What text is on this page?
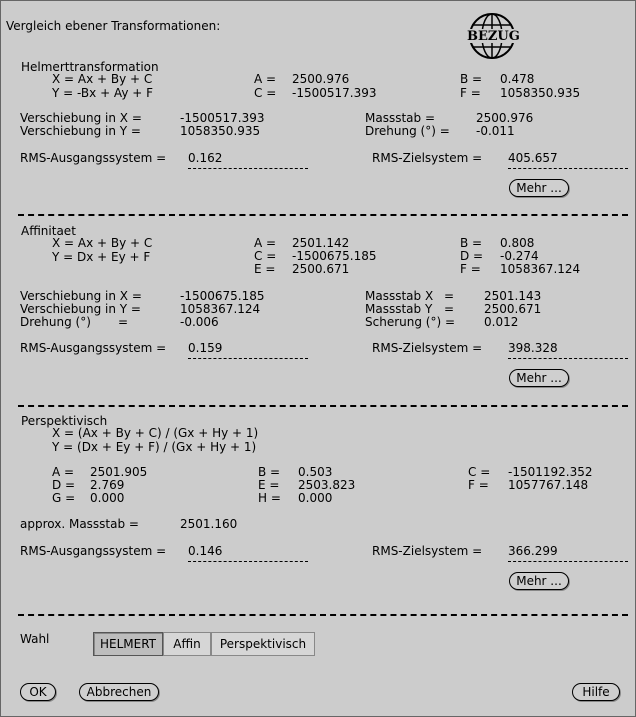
Vergleich ebener Transformationen:
BEZUG
Helmerttransformation
X = Ax + By + C
Y = -Bx + Ay + F
A = 2500.976	B = 0.478
C = -1500517.393	F = 1058350.935
Verschiebung in X =	-1500517.393
Verschiebung in Y =	1058350.935
Massstab =	2500.976
Drehung (°) = -0.011
RMS-Ausgangssystem = 0.162	RMS-Zielsystem = 405.657
Mehr ...
Affinitaet
X = Ax + By + C
Y = Dx + Ey + F
A = 2501.142	B = 0.808
C = -1500675.185	D = -0.274
E = 2500.671	F = 1058367.124
Verschiebung in X =	-1500675.185
Verschiebung in Y =	1058367.124
Drehung (°) =	-0.006
Massstab X = 2501.143
Massstab Y = 2500.671
Scherung (°) = 0.012
RMS-Ausgangssystem = 0.159	RMS-Zielsystem = 398.328
Mehr ...
Perspektivisch
X = (Ax + By + C) / (Gx + Hy + 1)
Y = (Dx + Ey + F) / (Gx + Hy + 1)
A = 2501.905	B = 0.503	C = -1501192.352
D = 2.769	E = 2503.823	F = 1057767.148
G = 0.000	H = 0.000
approx. Massstab =	2501.160
RMS-Ausgangssystem = 0.146	RMS-Zielsystem = 366.299
Mehr ...
Wahl	HELMERT	Affin	Perspektivisch
OK	Abbrechen	Hilfe
